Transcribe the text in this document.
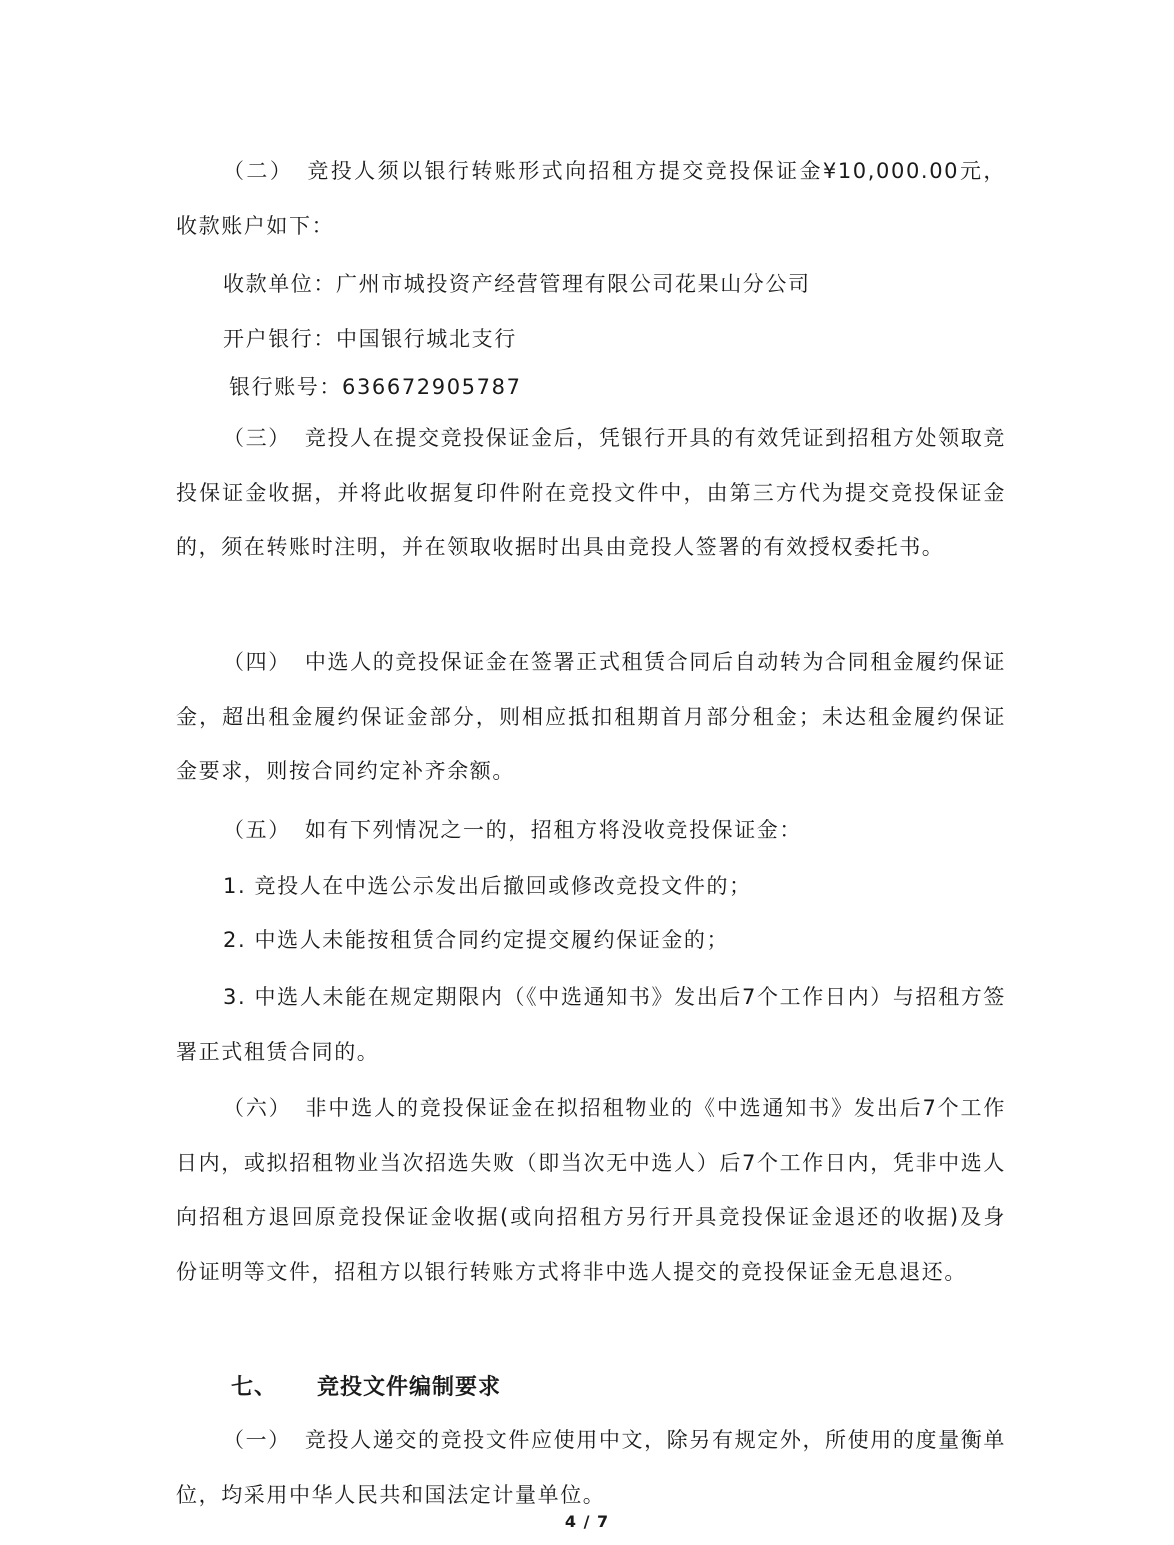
（二） 竞投人须以银行转账形式向招租方提交竞投保证金¥10,000.00元，收款账户如下：

收款单位：广州市城投资产经营管理有限公司花果山分公司

开户银行：中国银行城北支行

银行账号：636672905787

（三） 竞投人在提交竞投保证金后，凭银行开具的有效凭证到招租方处领取竞投保证金收据，并将此收据复印件附在竞投文件中，由第三方代为提交竞投保证金的，须在转账时注明，并在领取收据时出具由竞投人签署的有效授权委托书。

（四） 中选人的竞投保证金在签署正式租赁合同后自动转为合同租金履约保证金，超出租金履约保证金部分，则相应抵扣租期首月部分租金；未达租金履约保证金要求，则按合同约定补齐余额。

（五） 如有下列情况之一的，招租方将没收竞投保证金：

1. 竞投人在中选公示发出后撤回或修改竞投文件的；

2. 中选人未能按租赁合同约定提交履约保证金的；

3. 中选人未能在规定期限内（《中选通知书》发出后7个工作日内）与招租方签署正式租赁合同的。

（六） 非中选人的竞投保证金在拟招租物业的《中选通知书》发出后7个工作日内，或拟招租物业当次招选失败（即当次无中选人）后7个工作日内，凭非中选人向招租方退回原竞投保证金收据(或向招租方另行开具竞投保证金退还的收据)及身份证明等文件，招租方以银行转账方式将非中选人提交的竞投保证金无息退还。

七、 竞投文件编制要求

（一） 竞投人递交的竞投文件应使用中文，除另有规定外，所使用的度量衡单位，均采用中华人民共和国法定计量单位。

4 / 7
